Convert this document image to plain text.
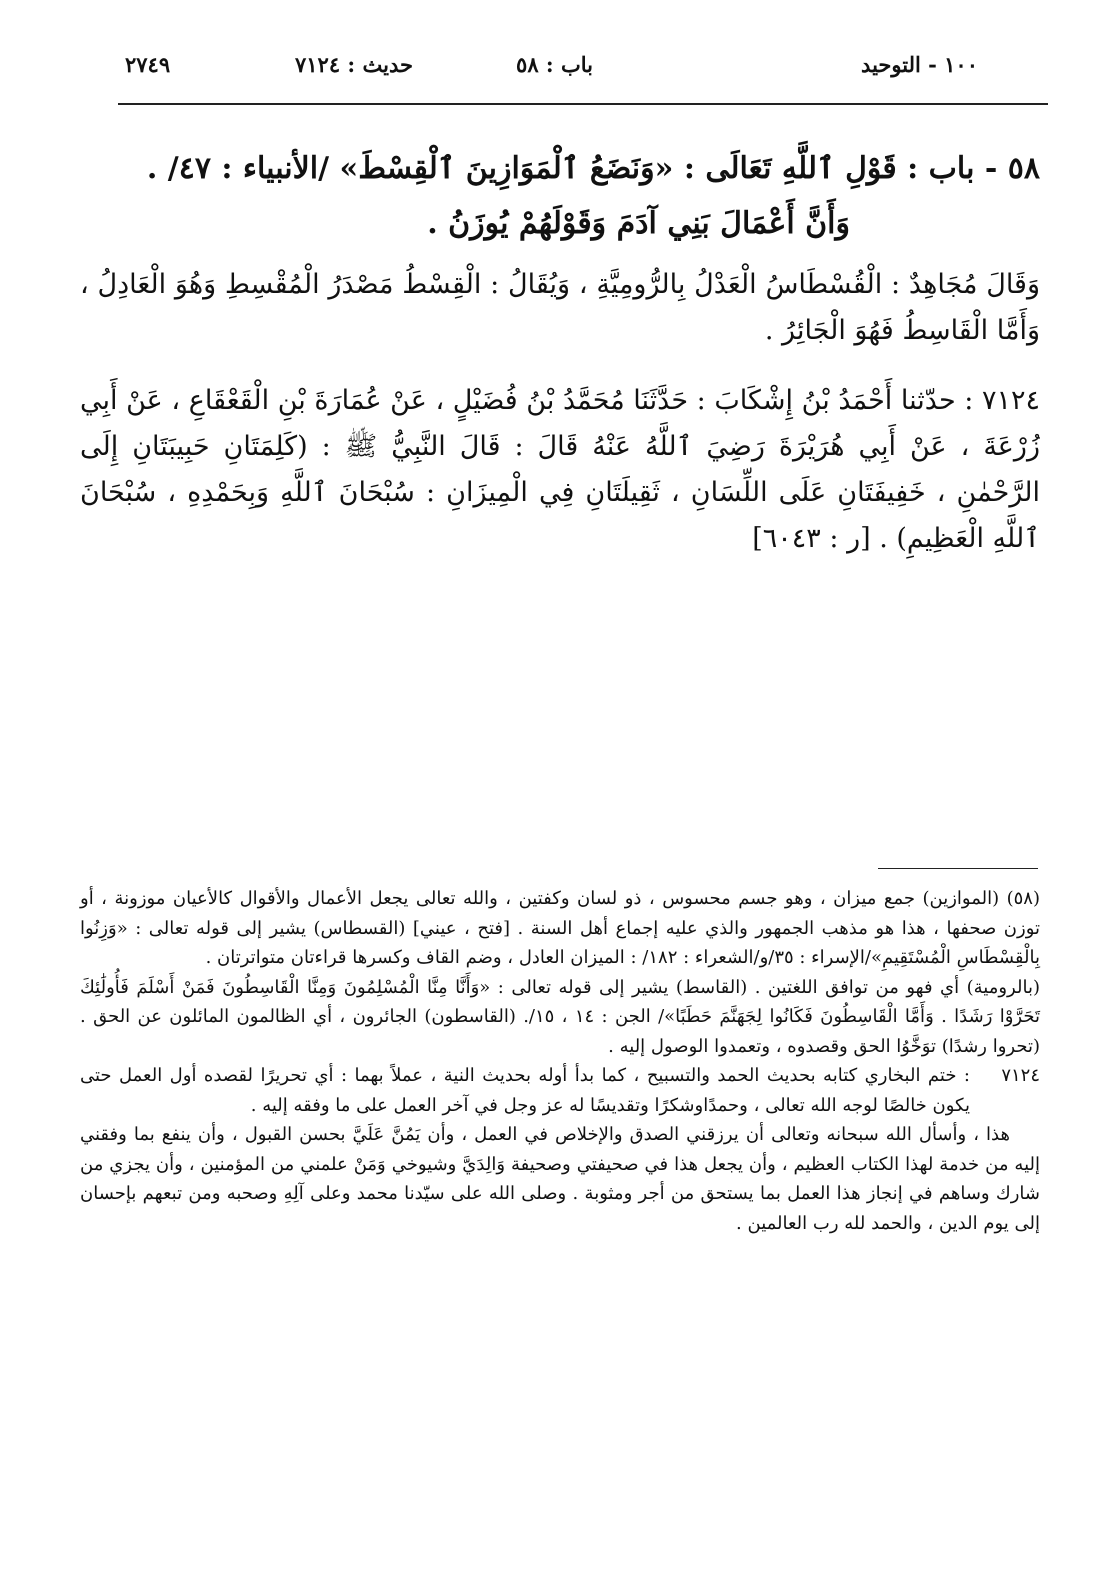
١٠٠ - التوحيد
باب : ٥٨
حديث : ٧١٢٤
٢٧٤٩
٥٨ - باب : قَوْلِ ٱللَّهِ تَعَالَى : «وَنَضَعُ ٱلْمَوَازِينَ ٱلْقِسْطَ» /الأنبياء : ٤٧/ .
وَأَنَّ أَعْمَالَ بَنِي آدَمَ وَقَوْلَهُمْ يُوزَنُ .
وَقَالَ مُجَاهِدٌ : الْقُسْطَاسُ الْعَدْلُ بِالرُّومِيَّةِ ، وَيُقَالُ : الْقِسْطُ مَصْدَرُ الْمُقْسِطِ وَهُوَ الْعَادِلُ ، وَأَمَّا الْقَاسِطُ فَهُوَ الْجَائِرُ .
٧١٢٤ : حدّثنا أَحْمَدُ بْنُ إِشْكَابَ : حَدَّثَنَا مُحَمَّدُ بْنُ فُضَيْلٍ ، عَنْ عُمَارَةَ بْنِ الْقَعْقَاعِ ، عَنْ أَبِي زُرْعَةَ ، عَنْ أَبِي هُرَيْرَةَ رَضِيَ ٱللَّهُ عَنْهُ قَالَ : قَالَ النَّبِيُّ ﷺ : (كَلِمَتَانِ حَبِيبَتَانِ إِلَى الرَّحْمٰنِ ، خَفِيفَتَانِ عَلَى اللِّسَانِ ، ثَقِيلَتَانِ فِي الْمِيزَانِ : سُبْحَانَ ٱللَّهِ وَبِحَمْدِهِ ، سُبْحَانَ ٱللَّهِ الْعَظِيمِ) . [ر : ٦٠٤٣]

(٥٨) (الموازين) جمع ميزان ، وهو جسم محسوس ، ذو لسان وكفتين ، والله تعالى يجعل الأعمال والأقوال كالأعيان موزونة ، أو توزن صحفها ، هذا هو مذهب الجمهور والذي عليه إجماع أهل السنة . [فتح ، عيني] (القسطاس) يشير إلى قوله تعالى : «وَزِنُوا بِالْقِسْطَاسِ الْمُسْتَقِيمِ»/الإسراء : ٣٥/و/الشعراء : ١٨٢/ : الميزان العادل ، وضم القاف وكسرها قراءتان متواترتان .

(بالرومية) أي فهو من توافق اللغتين . (القاسط) يشير إلى قوله تعالى : «وَأَنَّا مِنَّا الْمُسْلِمُونَ وَمِنَّا الْقَاسِطُونَ فَمَنْ أَسْلَمَ فَأُولَٰئِكَ تَحَرَّوْا رَشَدًا . وَأَمَّا الْقَاسِطُونَ فَكَانُوا لِجَهَنَّمَ حَطَبًا»/ الجن : ١٤ ، ١٥/. (القاسطون) الجائرون ، أي الظالمون المائلون عن الحق . (تحروا رشدًا) توَخَّوُا الحق وقصدوه ، وتعمدوا الوصول إليه .

٧١٢٤
: ختم البخاري كتابه بحديث الحمد والتسبيح ، كما بدأ أوله بحديث النية ، عملاً بهما : أي تحريرًا لقصده أول العمل حتى يكون خالصًا لوجه الله تعالى ، وحمدًاوشكرًا وتقديسًا له عز وجل في آخر العمل على ما وفقه إليه .

هذا ، وأسأل الله سبحانه وتعالى أن يرزقني الصدق والإخلاص في العمل ، وأن يَمُنَّ عَلَيَّ بحسن القبول ، وأن ينفع بما وفقني إليه من خدمة لهذا الكتاب العظيم ، وأن يجعل هذا في صحيفتي وصحيفة وَالِدَيَّ وشيوخي وَمَنْ علمني من المؤمنين ، وأن يجزي من شارك وساهم في إنجاز هذا العمل بما يستحق من أجر ومثوبة . وصلى الله على سيّدنا محمد وعلى آلِهِ وصحبه ومن تبعهم بإحسان إلى يوم الدين ، والحمد لله رب العالمين .
